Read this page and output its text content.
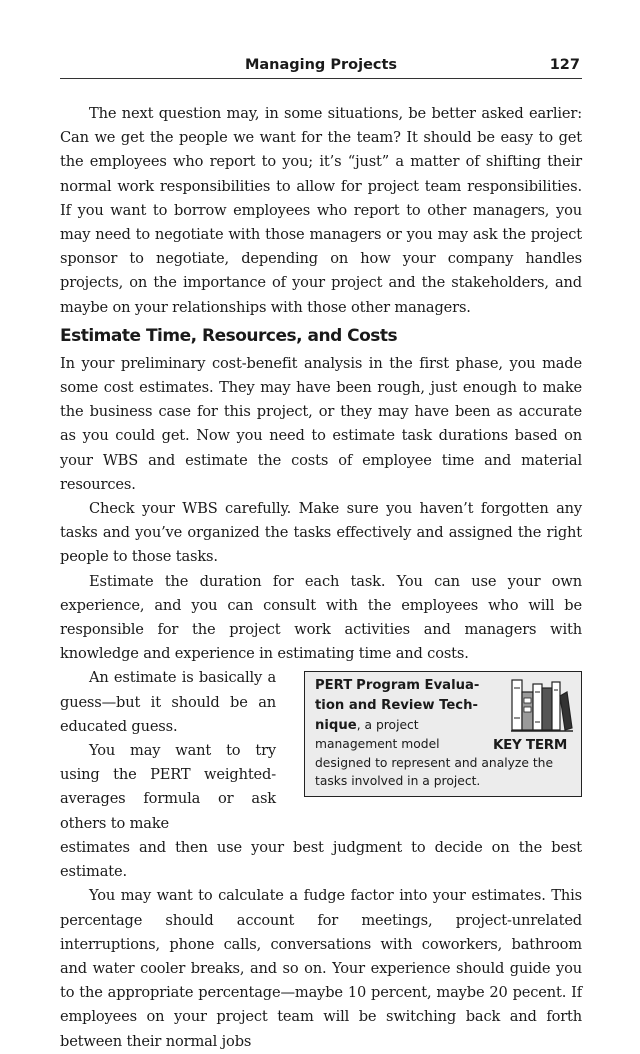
Managing Projects	127

The next question may, in some situations, be better asked earlier: Can we get the people we want for the team? It should be easy to get the employees who report to you; it’s “just” a matter of shifting their normal work responsibilities to allow for project team responsibilities. If you want to borrow employees who report to other managers, you may need to negotiate with those managers or you may ask the project sponsor to negotiate, depending on how your company handles projects, on the importance of your project and the stakeholders, and maybe on your relationships with those other managers.

Estimate Time, Resources, and Costs

In your preliminary cost-benefit analysis in the first phase, you made some cost estimates. They may have been rough, just enough to make the business case for this project, or they may have been as accurate as you could get. Now you need to estimate task durations based on your WBS and estimate the costs of employee time and material resources.

Check your WBS carefully. Make sure you haven’t forgotten any tasks and you’ve organized the tasks effectively and assigned the right people to those tasks.

Estimate the duration for each task. You can use your own experience, and you can consult with the employees who will be responsible for the project work activities and managers with knowledge and experience in estimating time and costs.

PERT Program Evalua-
tion and Review Tech-
nique, a project
management model	KEY TERM
designed to represent and analyze the tasks involved in a project.

An estimate is basically a guess—but it should be an educated guess.

You may want to try using the PERT weighted-averages formula or ask others to make

estimates and then use your best judgment to decide on the best estimate.

You may want to calculate a fudge factor into your estimates. This percentage should account for meetings, project-unrelated interruptions, phone calls, conversations with coworkers, bathroom and water cooler breaks, and so on. Your experience should guide you to the appropriate percentage—maybe 10 percent, maybe 20 pecent. If employees on your project team will be switching back and forth between their normal jobs
